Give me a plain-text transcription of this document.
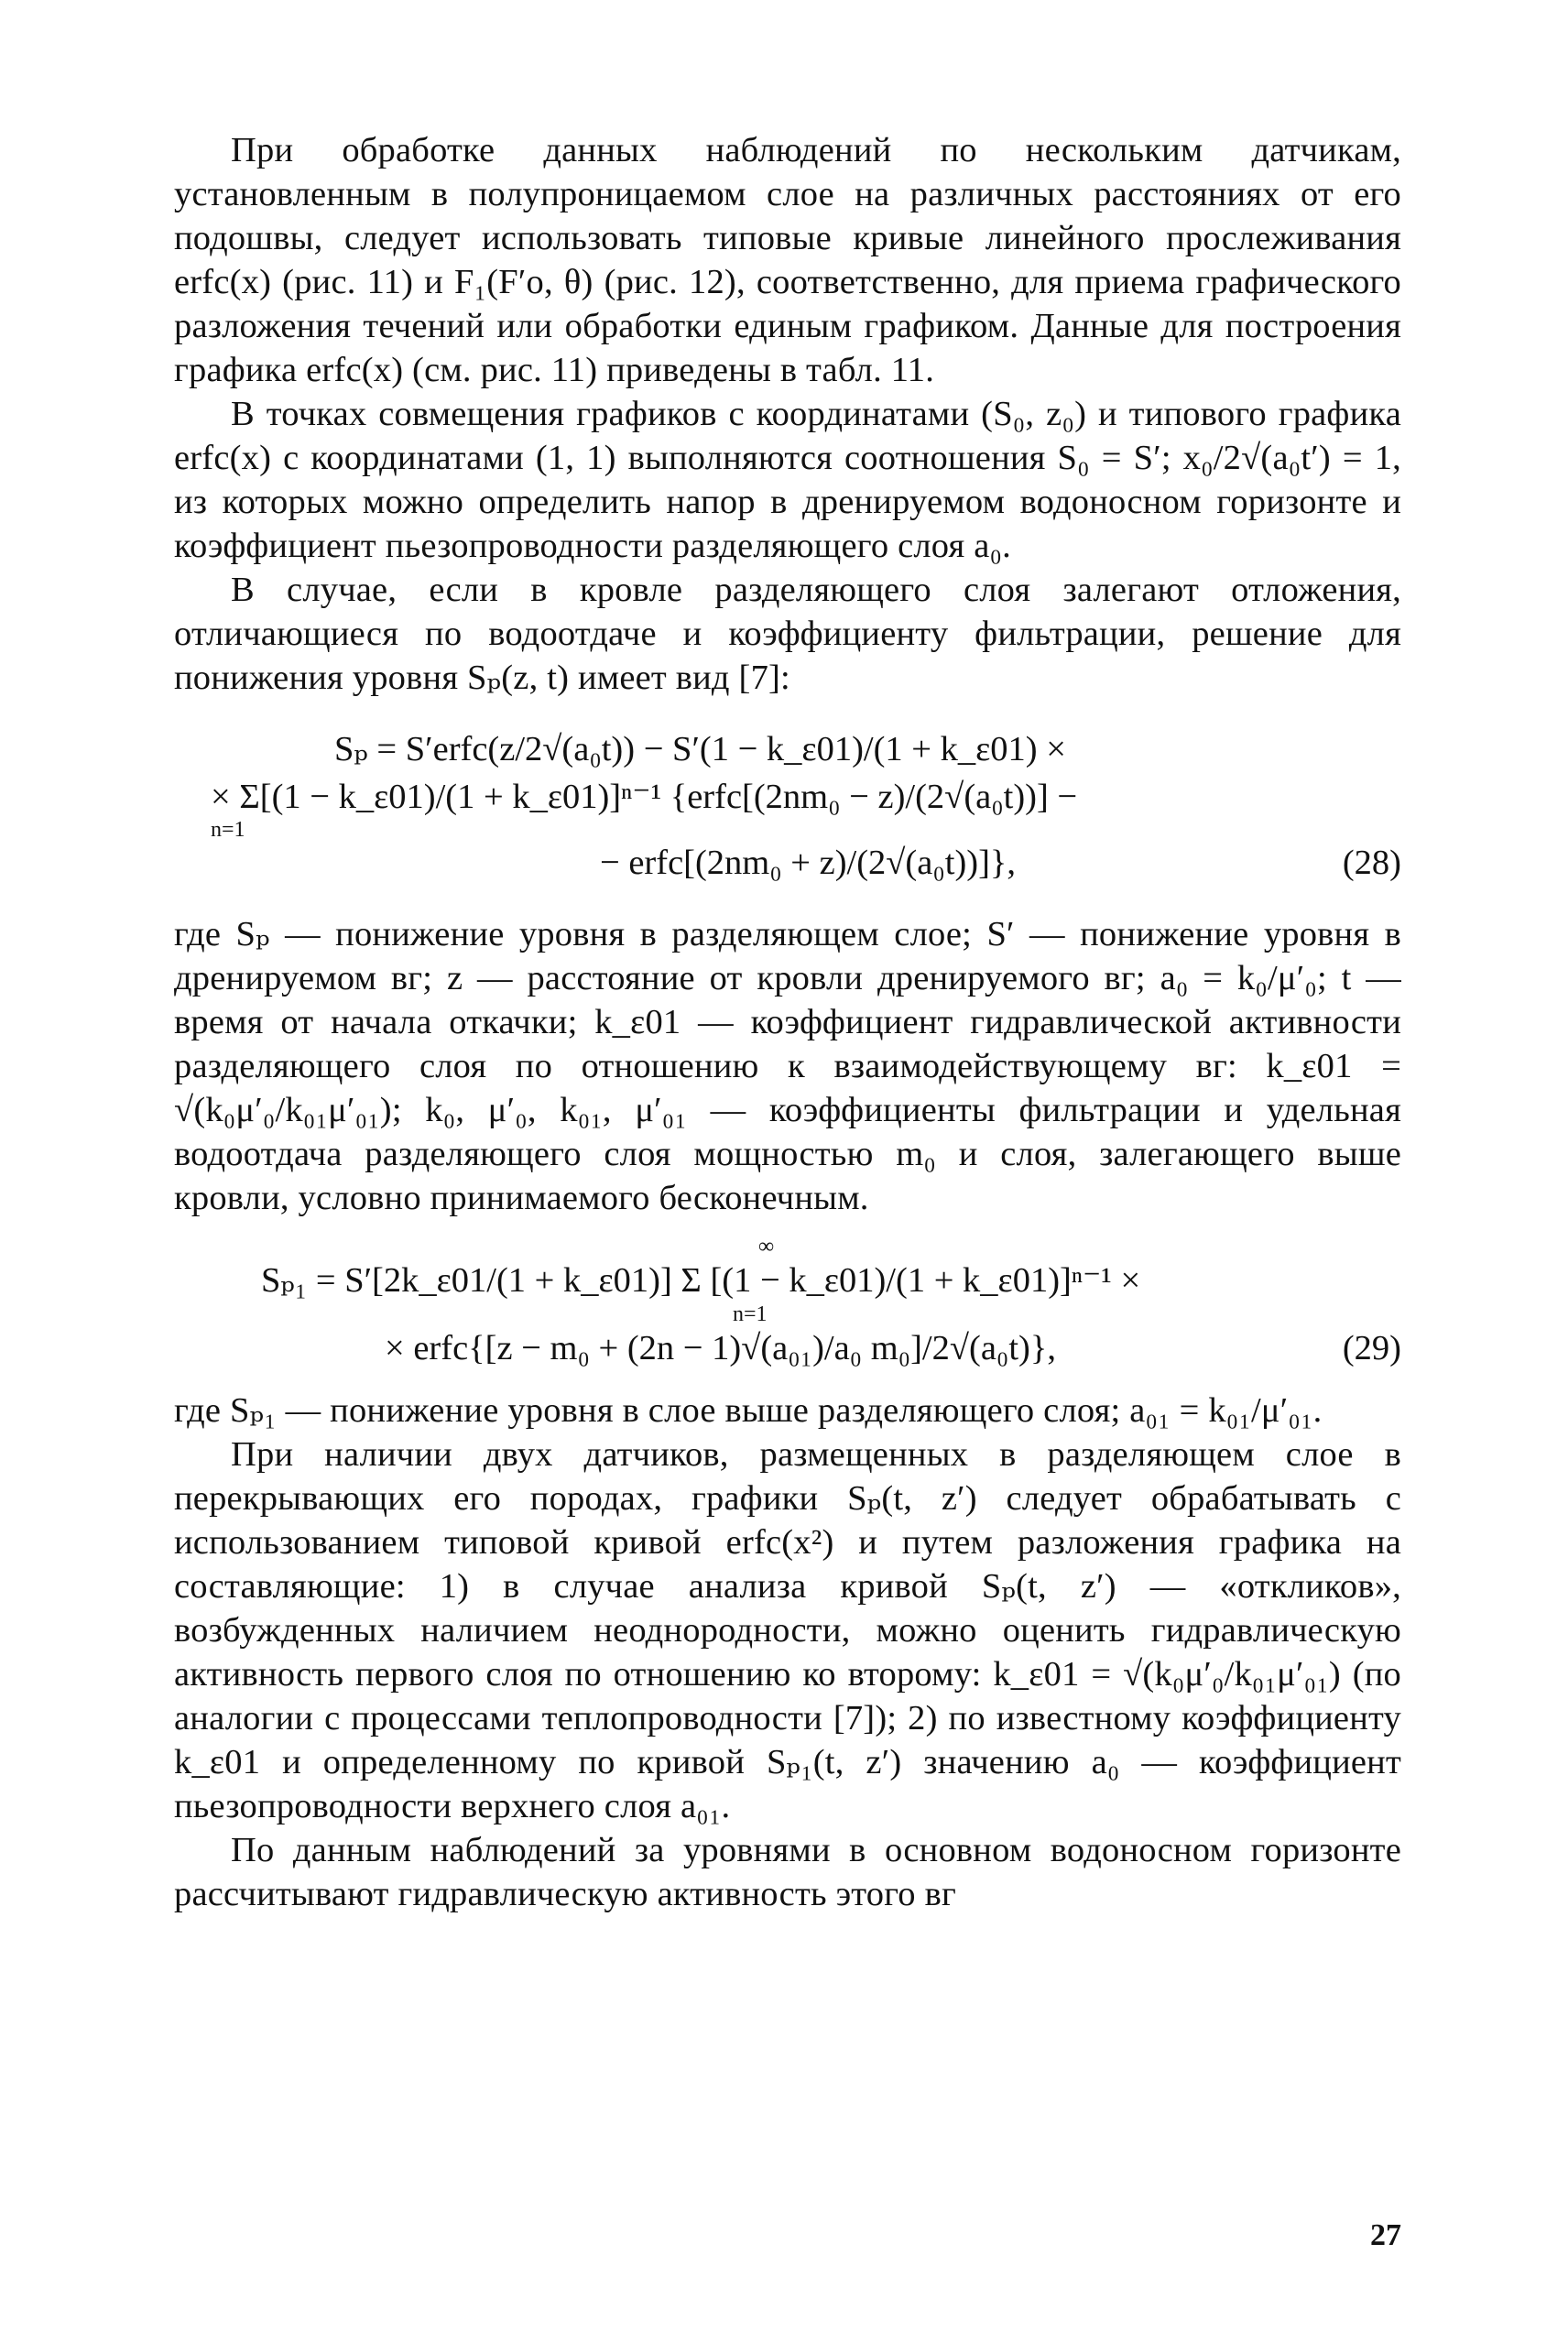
При обработке данных наблюдений по нескольким датчикам, установленным в полупроницаемом слое на различных расстояниях от его подошвы, следует использовать типовые кривые линейного прослеживания erfc(x) (рис. 11) и F₁(F′o, θ) (рис. 12), соответственно, для приема графического разложения течений или обработки единым графиком. Данные для построения графика erfc(x) (см. рис. 11) приведены в табл. 11.

В точках совмещения графиков с координатами (S₀, z₀) и типового графика erfc(x) с координатами (1, 1) выполняются соотношения S₀ = S′; x₀/2√(a₀t′) = 1, из которых можно определить напор в дренируемом водоносном горизонте и коэффициент пьезопроводности разделяющего слоя a₀.

В случае, если в кровле разделяющего слоя залегают отложения, отличающиеся по водоотдаче и коэффициенту фильтрации, решение для понижения уровня Sₚ(z, t) имеет вид [7]:

Sₚ = S′erfc(z/2√(a₀t)) − S′(1 − k_ε01)/(1 + k_ε01) ×
× Σ[(1 − k_ε01)/(1 + k_ε01)]ⁿ⁻¹ {erfc[(2nm₀ − z)/(2√(a₀t))] −
n=1
− erfc[(2nm₀ + z)/(2√(a₀t))]},	(28)

где Sₚ — понижение уровня в разделяющем слое; S′ — понижение уровня в дренируемом вг; z — расстояние от кровли дренируемого вг; a₀ = k₀/μ′₀; t — время от начала откачки; k_ε01 — коэффициент гидравлической активности разделяющего слоя по отношению к взаимодействующему вг: k_ε01 = √(k₀μ′₀/k₀₁μ′₀₁); k₀, μ′₀, k₀₁, μ′₀₁ — коэффициенты фильтрации и удельная водоотдача разделяющего слоя мощностью m₀ и слоя, залегающего выше кровли, условно принимаемого бесконечным.

∞
Sₚ₁ = S′[2k_ε01/(1 + k_ε01)] Σ [(1 − k_ε01)/(1 + k_ε01)]ⁿ⁻¹ ×
n=1
× erfc{[z − m₀ + (2n − 1)√(a₀₁)/a₀ m₀]/2√(a₀t)},	(29)

где Sₚ₁ — понижение уровня в слое выше разделяющего слоя; a₀₁ = k₀₁/μ′₀₁.

При наличии двух датчиков, размещенных в разделяющем слое в перекрывающих его породах, графики Sₚ(t, z′) следует обрабатывать с использованием типовой кривой erfc(x²) и путем разложения графика на составляющие: 1) в случае анализа кривой Sₚ(t, z′) — «откликов», возбужденных наличием неоднородности, можно оценить гидравлическую активность первого слоя по отношению ко второму: k_ε01 = √(k₀μ′₀/k₀₁μ′₀₁) (по аналогии с процессами теплопроводности [7]); 2) по известному коэффициенту k_ε01 и определенному по кривой Sₚ₁(t, z′) значению a₀ — коэффициент пьезопроводности верхнего слоя a₀₁.

По данным наблюдений за уровнями в основном водоносном горизонте рассчитывают гидравлическую активность этого вг

27
